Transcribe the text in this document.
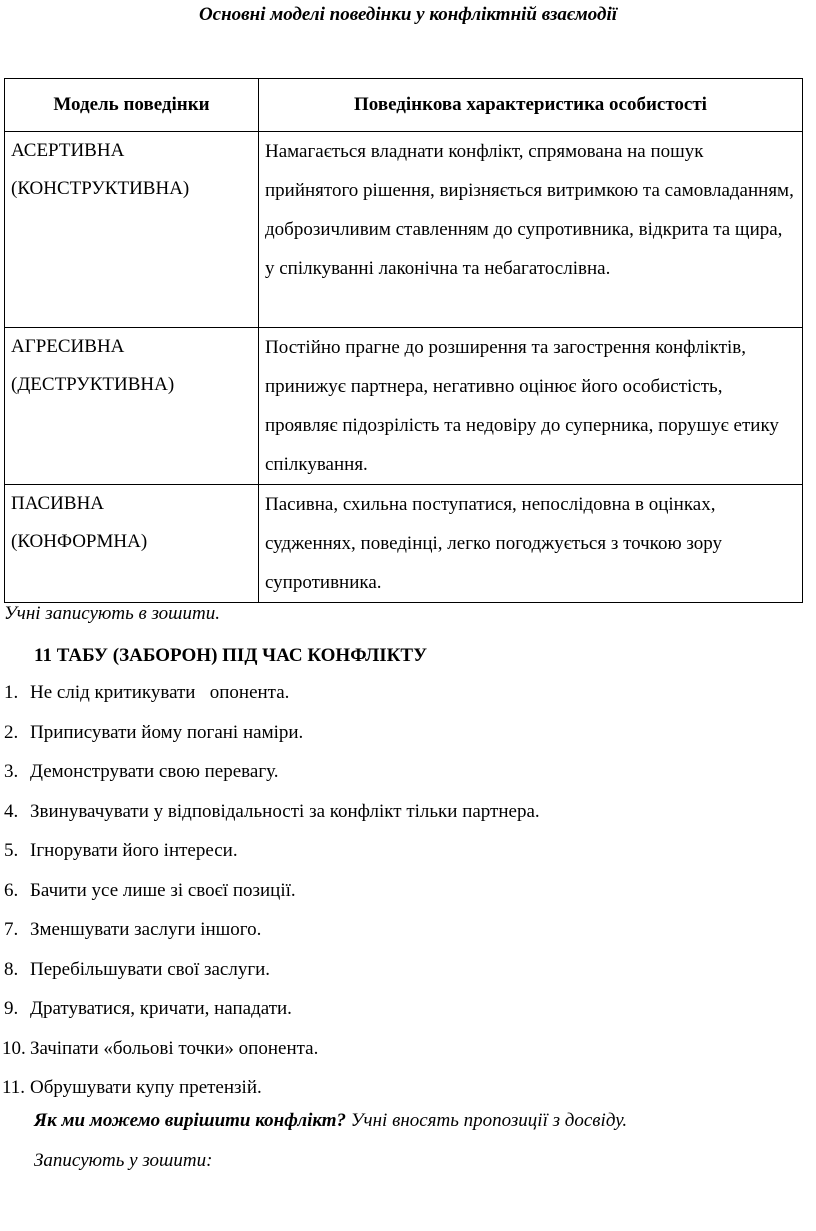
Основні моделі поведінки у конфліктній взаємодії
Модель поведінки	Поведінкова характеристика особистості

АСЕРТИВНА
(КОНСТРУКТИВНА)	Намагається владнати конфлікт, спрямована на пошук прийнятого рішення, вирізняється витримкою та самовладанням, доброзичливим ставленням до супротивника, відкрита та щира, у спілкуванні лаконічна та небагатослівна.

АГРЕСИВНА
(ДЕСТРУКТИВНА)	Постійно прагне до розширення та загострення конфліктів, принижує партнера, негативно оцінює його особистість, проявляє підозрілість та недовіру до суперника, порушує етику спілкування.

ПАСИВНА
(КОНФОРМНА)	Пасивна, схильна поступатися, непослідовна в оцінках, судженнях, поведінці, легко погоджується з точкою зору супротивника.
Учні записують в зошити.
11 ТАБУ (ЗАБОРОН) ПІД ЧАС КОНФЛІКТУ
1. Не слід критикувати   опонента.
2. Приписувати йому погані наміри.
3. Демонструвати свою перевагу.
4. Звинувачувати у відповідальності за конфлікт тільки партнера.
5. Ігнорувати його інтереси.
6. Бачити усе лише зі своєї позиції.
7. Зменшувати заслуги іншого.
8. Перебільшувати свої заслуги.
9. Дратуватися, кричати, нападати.
10. Зачіпати «больові точки» опонента.
11. Обрушувати купу претензій.
Як ми можемо вирішити конфлікт? Учні вносять пропозиції з досвіду.
Записують у зошити:
